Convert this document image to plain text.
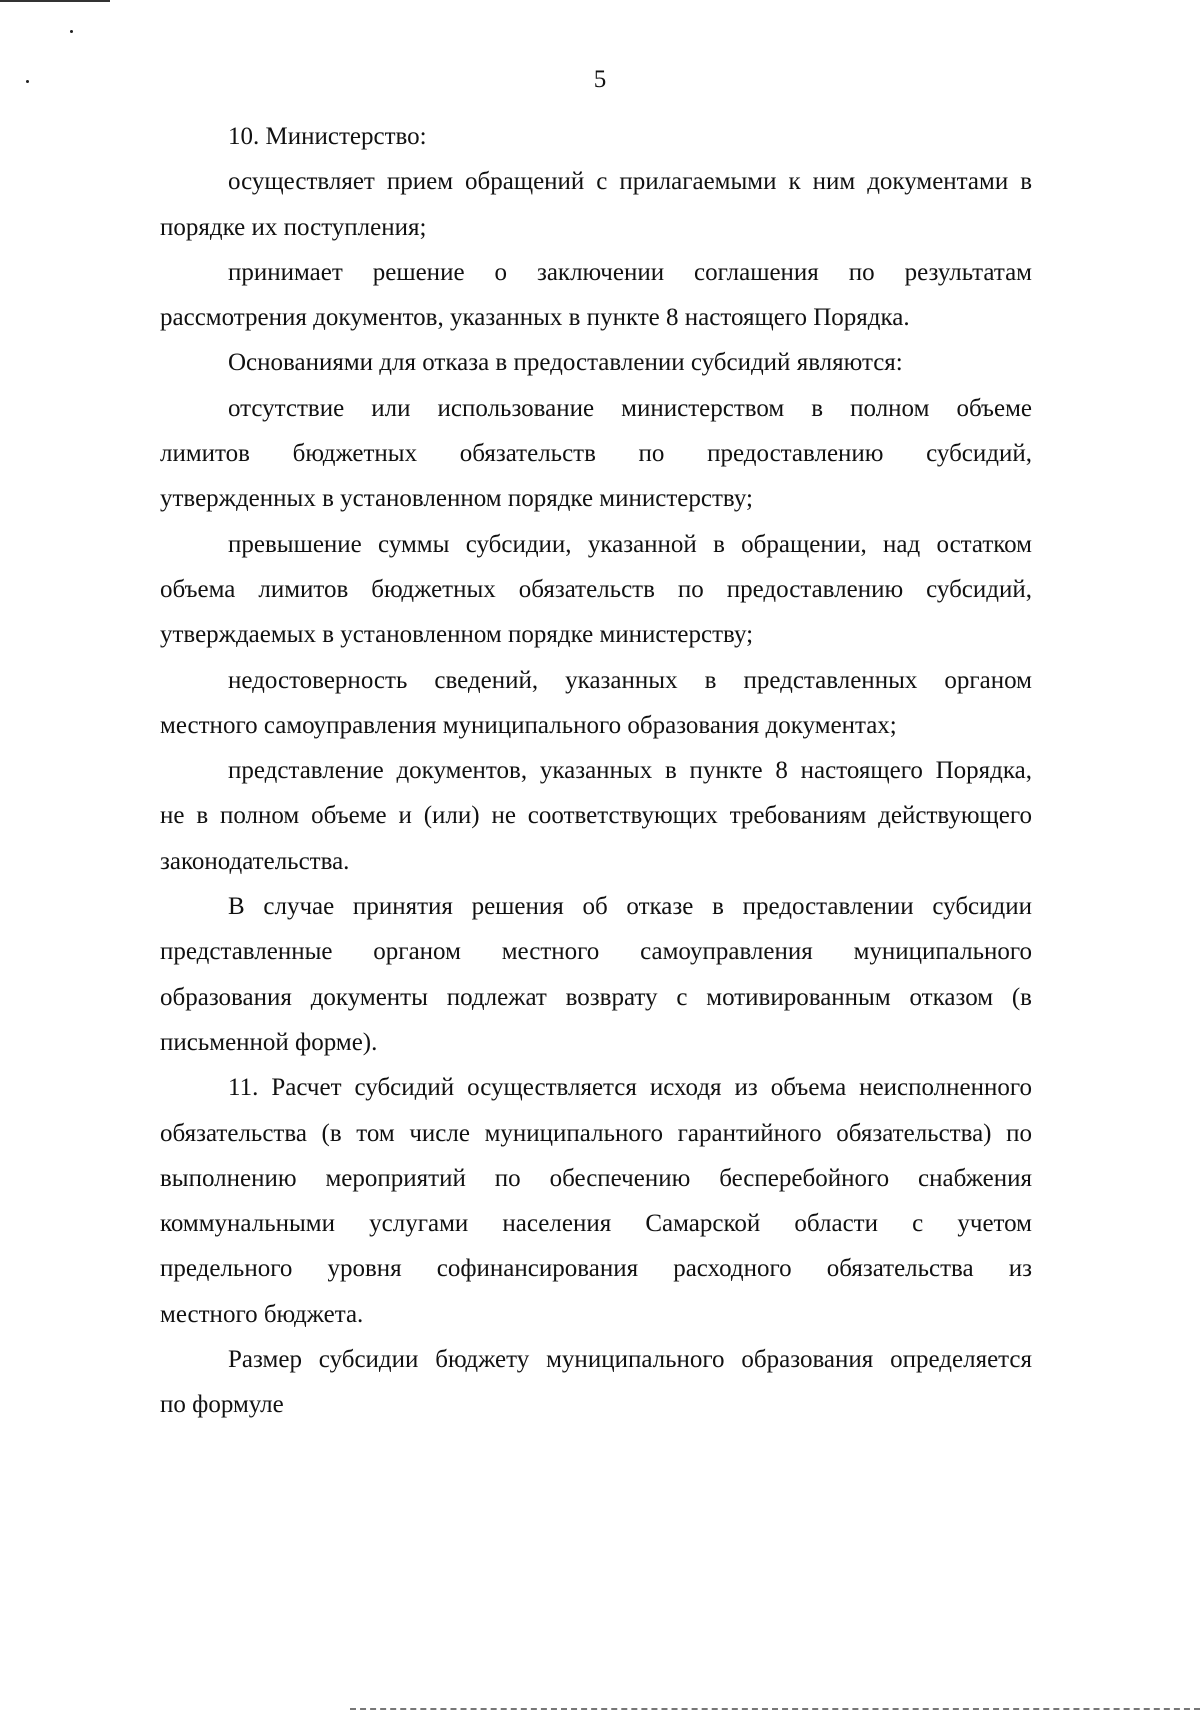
5
10. Министерство:
осуществляет прием обращений с прилагаемыми к ним документами в
порядке их поступления;
принимает решение о заключении соглашения по результатам
рассмотрения документов, указанных в пункте 8 настоящего Порядка.
Основаниями для отказа в предоставлении субсидий являются:
отсутствие или использование министерством в полном объеме
лимитов бюджетных обязательств по предоставлению субсидий,
утвержденных в установленном порядке министерству;
превышение суммы субсидии, указанной в обращении, над остатком
объема лимитов бюджетных обязательств по предоставлению субсидий,
утверждаемых в установленном порядке министерству;
недостоверность сведений, указанных в представленных органом
местного самоуправления муниципального образования документах;
представление документов, указанных в пункте 8 настоящего Порядка,
не в полном объеме и (или) не соответствующих требованиям действующего
законодательства.
В случае принятия решения об отказе в предоставлении субсидии
представленные органом местного самоуправления муниципального
образования документы подлежат возврату с мотивированным отказом (в
письменной форме).
11. Расчет субсидий осуществляется исходя из объема неисполненного
обязательства (в том числе муниципального гарантийного обязательства) по
выполнению мероприятий по обеспечению бесперебойного снабжения
коммунальными услугами населения Самарской области с учетом
предельного уровня софинансирования расходного обязательства из
местного бюджета.
Размер субсидии бюджету муниципального образования определяется
по формуле
